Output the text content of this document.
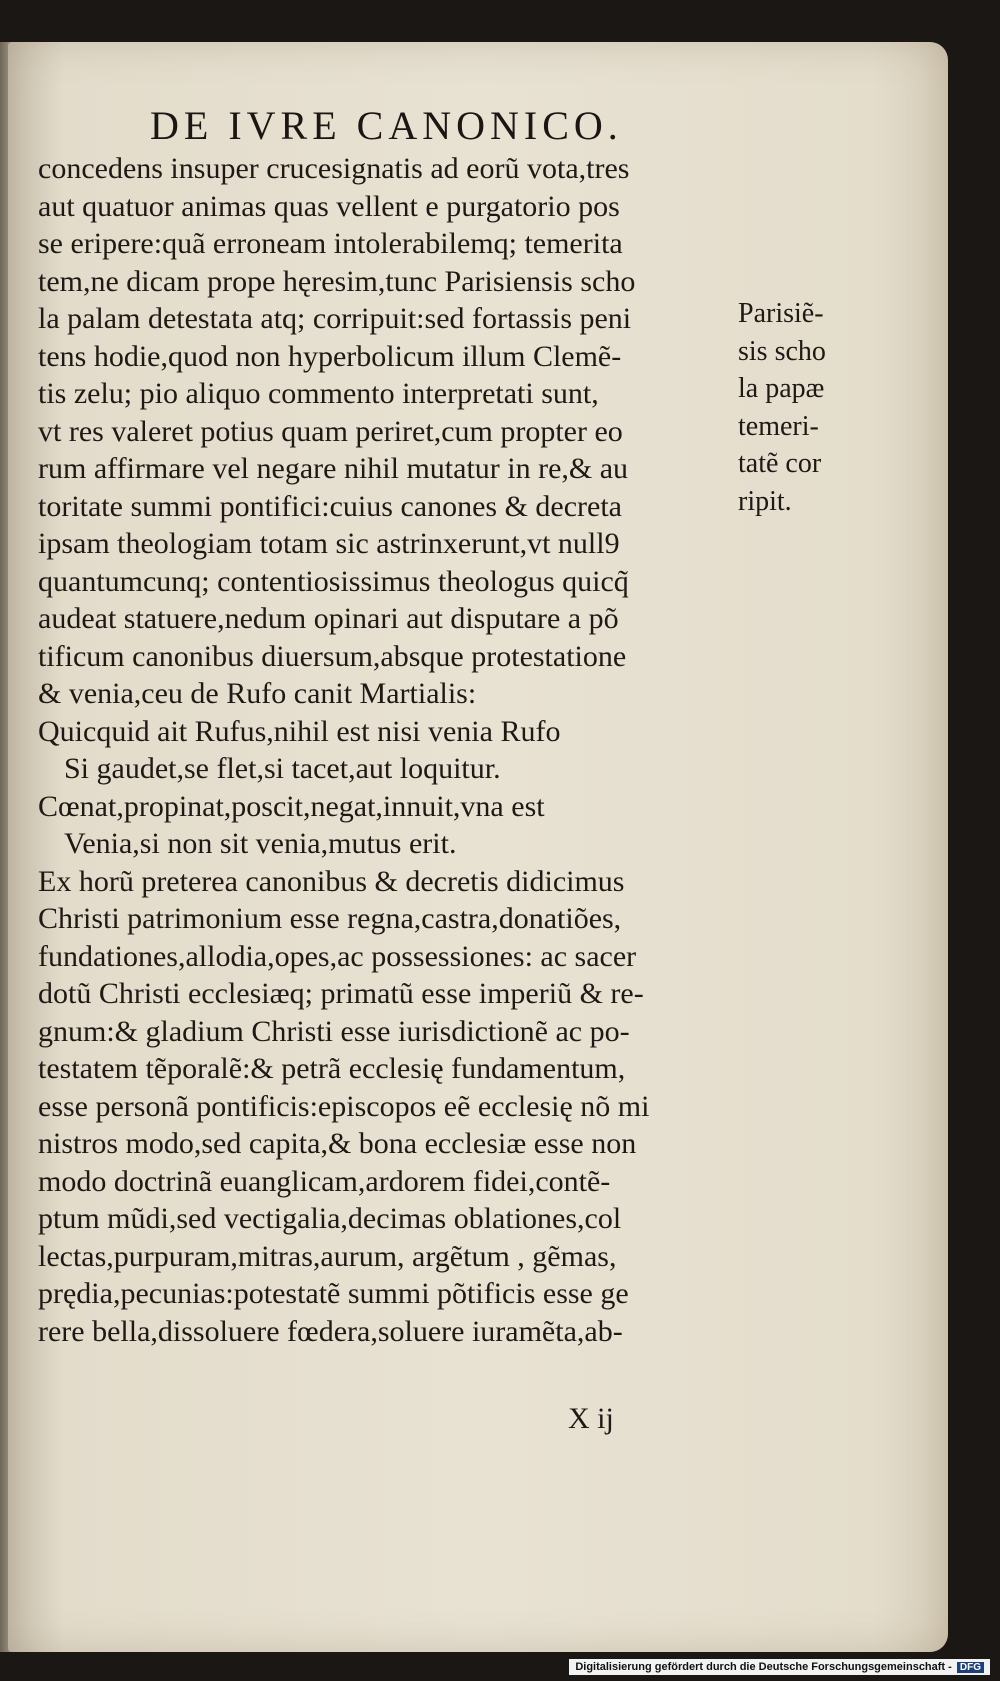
DE IVRE CANONICO.
concedens insuper crucesignatis ad eorũ vota,tres
aut quatuor animas quas vellent e purgatorio pos
se eripere:quã erroneam intolerabilemq; temerita
tem,ne dicam prope hęresim,tunc Parisiensis scho
la palam detestata atq; corripuit:sed fortassis peni
tens hodie,quod non hyperbolicum illum Clemẽ-
tis zelu; pio aliquo commento interpretati sunt,
vt res valeret potius quam periret,cum propter eo
rum affirmare vel negare nihil mutatur in re,& au
toritate summi pontifici:cuius canones & decreta
ipsam theologiam totam sic astrinxerunt,vt null9
quantumcunq; contentiosissimus theologus quicq̃
audeat statuere,nedum opinari aut disputare a põ
tificum canonibus diuersum,absque protestatione
& venia,ceu de Rufo canit Martialis:
Quicquid ait Rufus,nihil est nisi venia Rufo
Si gaudet,se flet,si tacet,aut loquitur.
Cœnat,propinat,poscit,negat,innuit,vna est
Venia,si non sit venia,mutus erit.
Ex horũ preterea canonibus & decretis didicimus
Christi patrimonium esse regna,castra,donatiões,
fundationes,allodia,opes,ac possessiones: ac sacer
dotũ Christi ecclesiæq; primatũ esse imperiũ & re-
gnum:& gladium Christi esse iurisdictionẽ ac po-
testatem tẽporalẽ:& petrã ecclesię fundamentum,
esse personã pontificis:episcopos eẽ ecclesię nõ mi
nistros modo,sed capita,& bona ecclesiæ esse non
modo doctrinã euanglicam,ardorem fidei,contẽ-
ptum mũdi,sed vectigalia,decimas oblationes,col
lectas,purpuram,mitras,aurum, argẽtum , gẽmas,
prędia,pecunias:potestatẽ summi põtificis esse ge
rere bella,dissoluere fœdera,soluere iuramẽta,ab-
Parisiẽ-
sis scho
la papæ
temeri-
tatẽ cor
ripit.
X ij
Digitalisierung gefördert durch die Deutsche Forschungsgemeinschaft - DFG
